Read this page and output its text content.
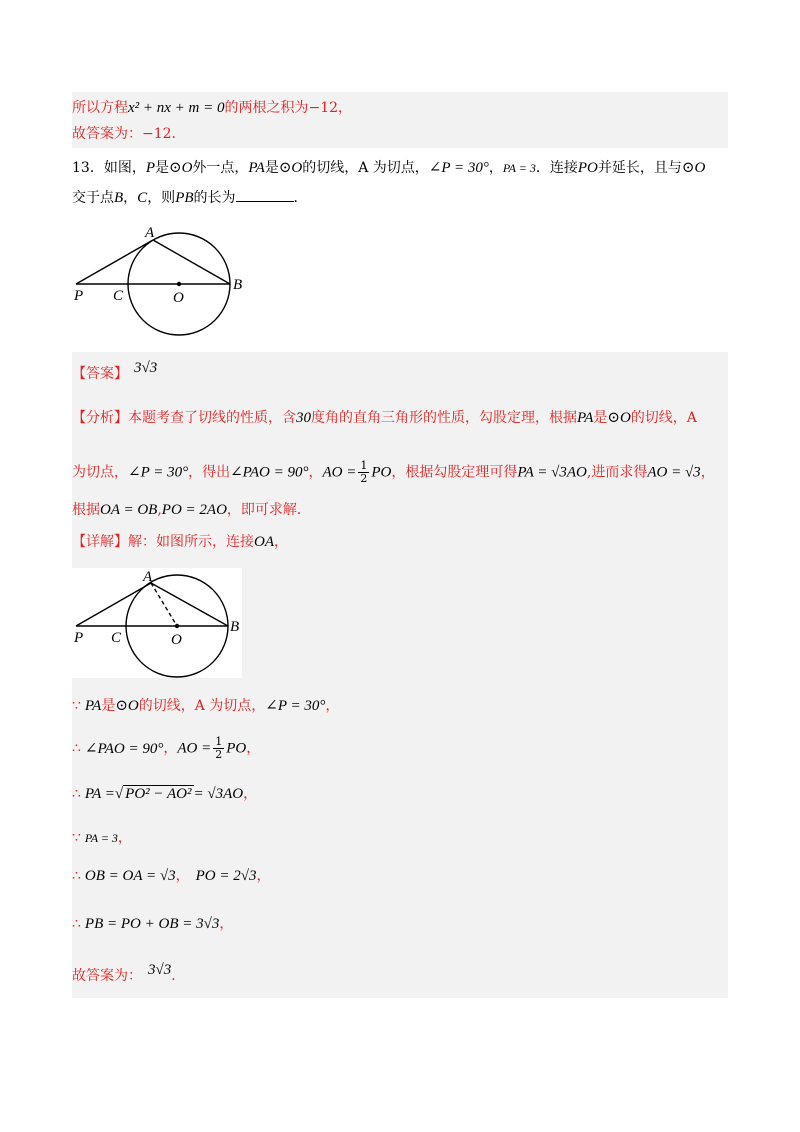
所以方程x² + nx + m = 0的两根之积为−12，
故答案为：−12．
13．如图，P是⊙O外一点，PA是⊙O的切线，A 为切点，∠P = 30°，PA = 3．连接PO并延长，且与⊙O
交于点B，C，则PB的长为	．
A
P C	O
B
【答案】 3√3
【分析】本题考查了切线的性质，含30度角的直角三角形的性质，勾股定理，根据PA是⊙O的切线，A
为切点，∠P = 30°，得出∠PAO = 90°，AO = $\frac{1}{2}$ PO，根据勾股定理可得PA = √3AO,进而求得AO = √3，
根据OA = OB,PO = 2AO，即可求解．
【详解】解：如图所示，连接OA，
A
P C	O
B
∵ PA是⊙O的切线，A 为切点，∠P = 30°，
∴ ∠PAO = 90°，AO = $\frac{1}{2}$ PO，
∴ PA =√ PO² − AO² = √3AO，
∵ PA = 3，
∴ OB = OA = √3， PO = 2√3，
∴ PB = PO + OB = 3√3，
故答案为： 3√3．
